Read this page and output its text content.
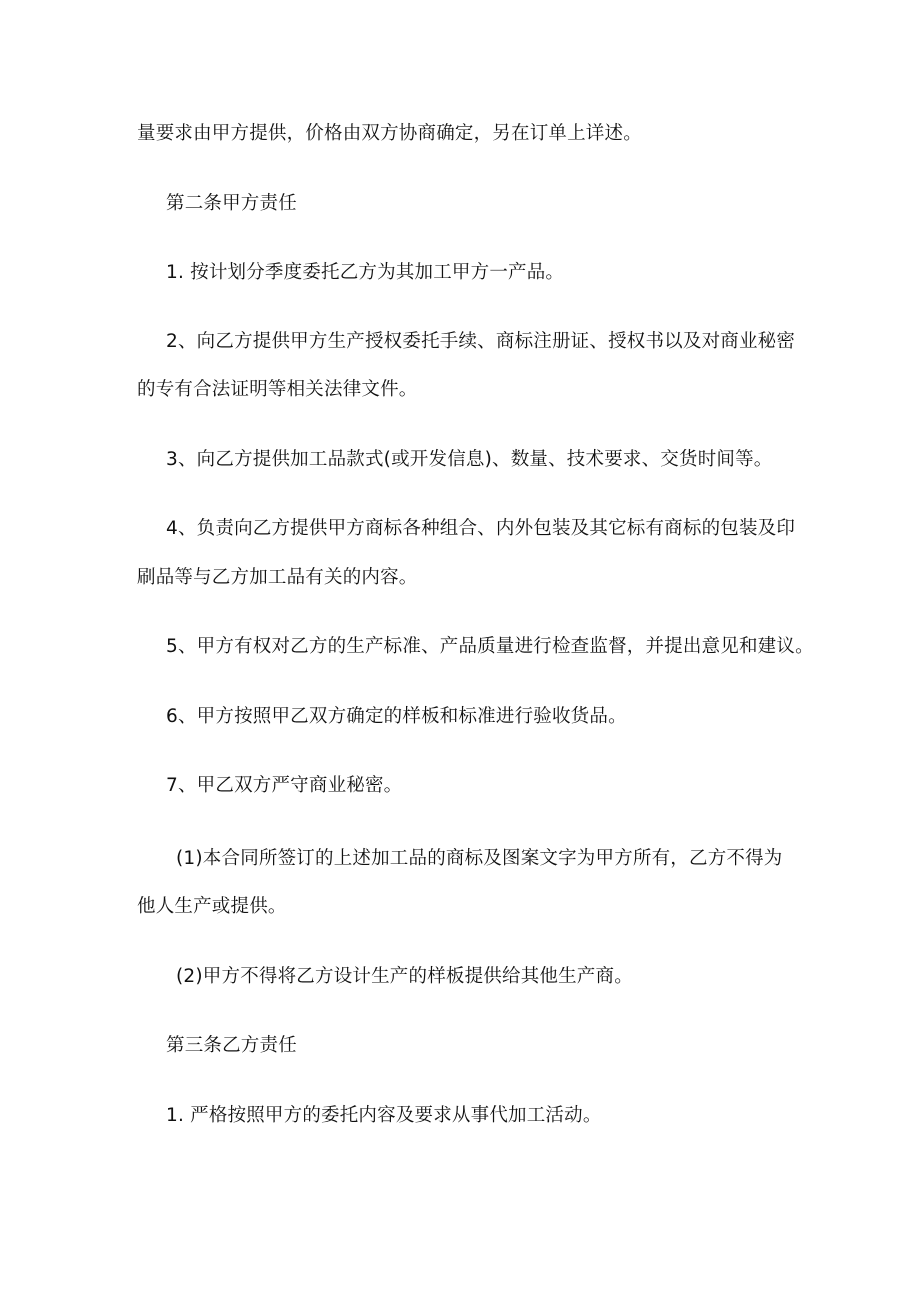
量要求由甲方提供，价格由双方协商确定，另在订单上详述。

第二条甲方责任

1. 按计划分季度委托乙方为其加工甲方一产品。

2、向乙方提供甲方生产授权委托手续、商标注册证、授权书以及对商业秘密

的专有合法证明等相关法律文件。

3、向乙方提供加工品款式(或开发信息)、数量、技术要求、交货时间等。

4、负责向乙方提供甲方商标各种组合、内外包装及其它标有商标的包装及印

刷品等与乙方加工品有关的内容。

5、甲方有权对乙方的生产标准、产品质量进行检查监督，并提出意见和建议。

6、甲方按照甲乙双方确定的样板和标准进行验收货品。

7、甲乙双方严守商业秘密。

(1)本合同所签订的上述加工品的商标及图案文字为甲方所有，乙方不得为

他人生产或提供。

(2)甲方不得将乙方设计生产的样板提供给其他生产商。

第三条乙方责任

1. 严格按照甲方的委托内容及要求从事代加工活动。
